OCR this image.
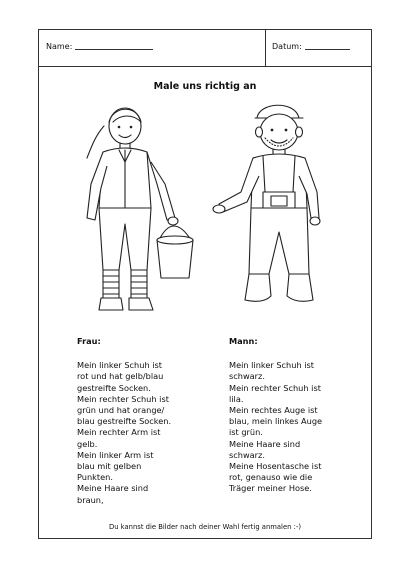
Name:	Datum:
Male uns richtig an
Frau:

Mein linker Schuh ist
rot und hat gelb/blau
gestreifte Socken.
Mein rechter Schuh ist
grün und hat orange/
blau gestreifte Socken.
Mein rechter Arm ist
gelb.
Mein linker Arm ist
blau mit gelben
Punkten.
Meine Haare sind
braun,

Mann:

Mein linker Schuh ist
schwarz.
Mein rechter Schuh ist
lila.
Mein rechtes Auge ist
blau, mein linkes Auge
ist grün.
Meine Haare sind
schwarz.
Meine Hosentasche ist
rot, genauso wie die
Träger meiner Hose.

Du kannst die Bilder nach deiner Wahl fertig anmalen :-)
